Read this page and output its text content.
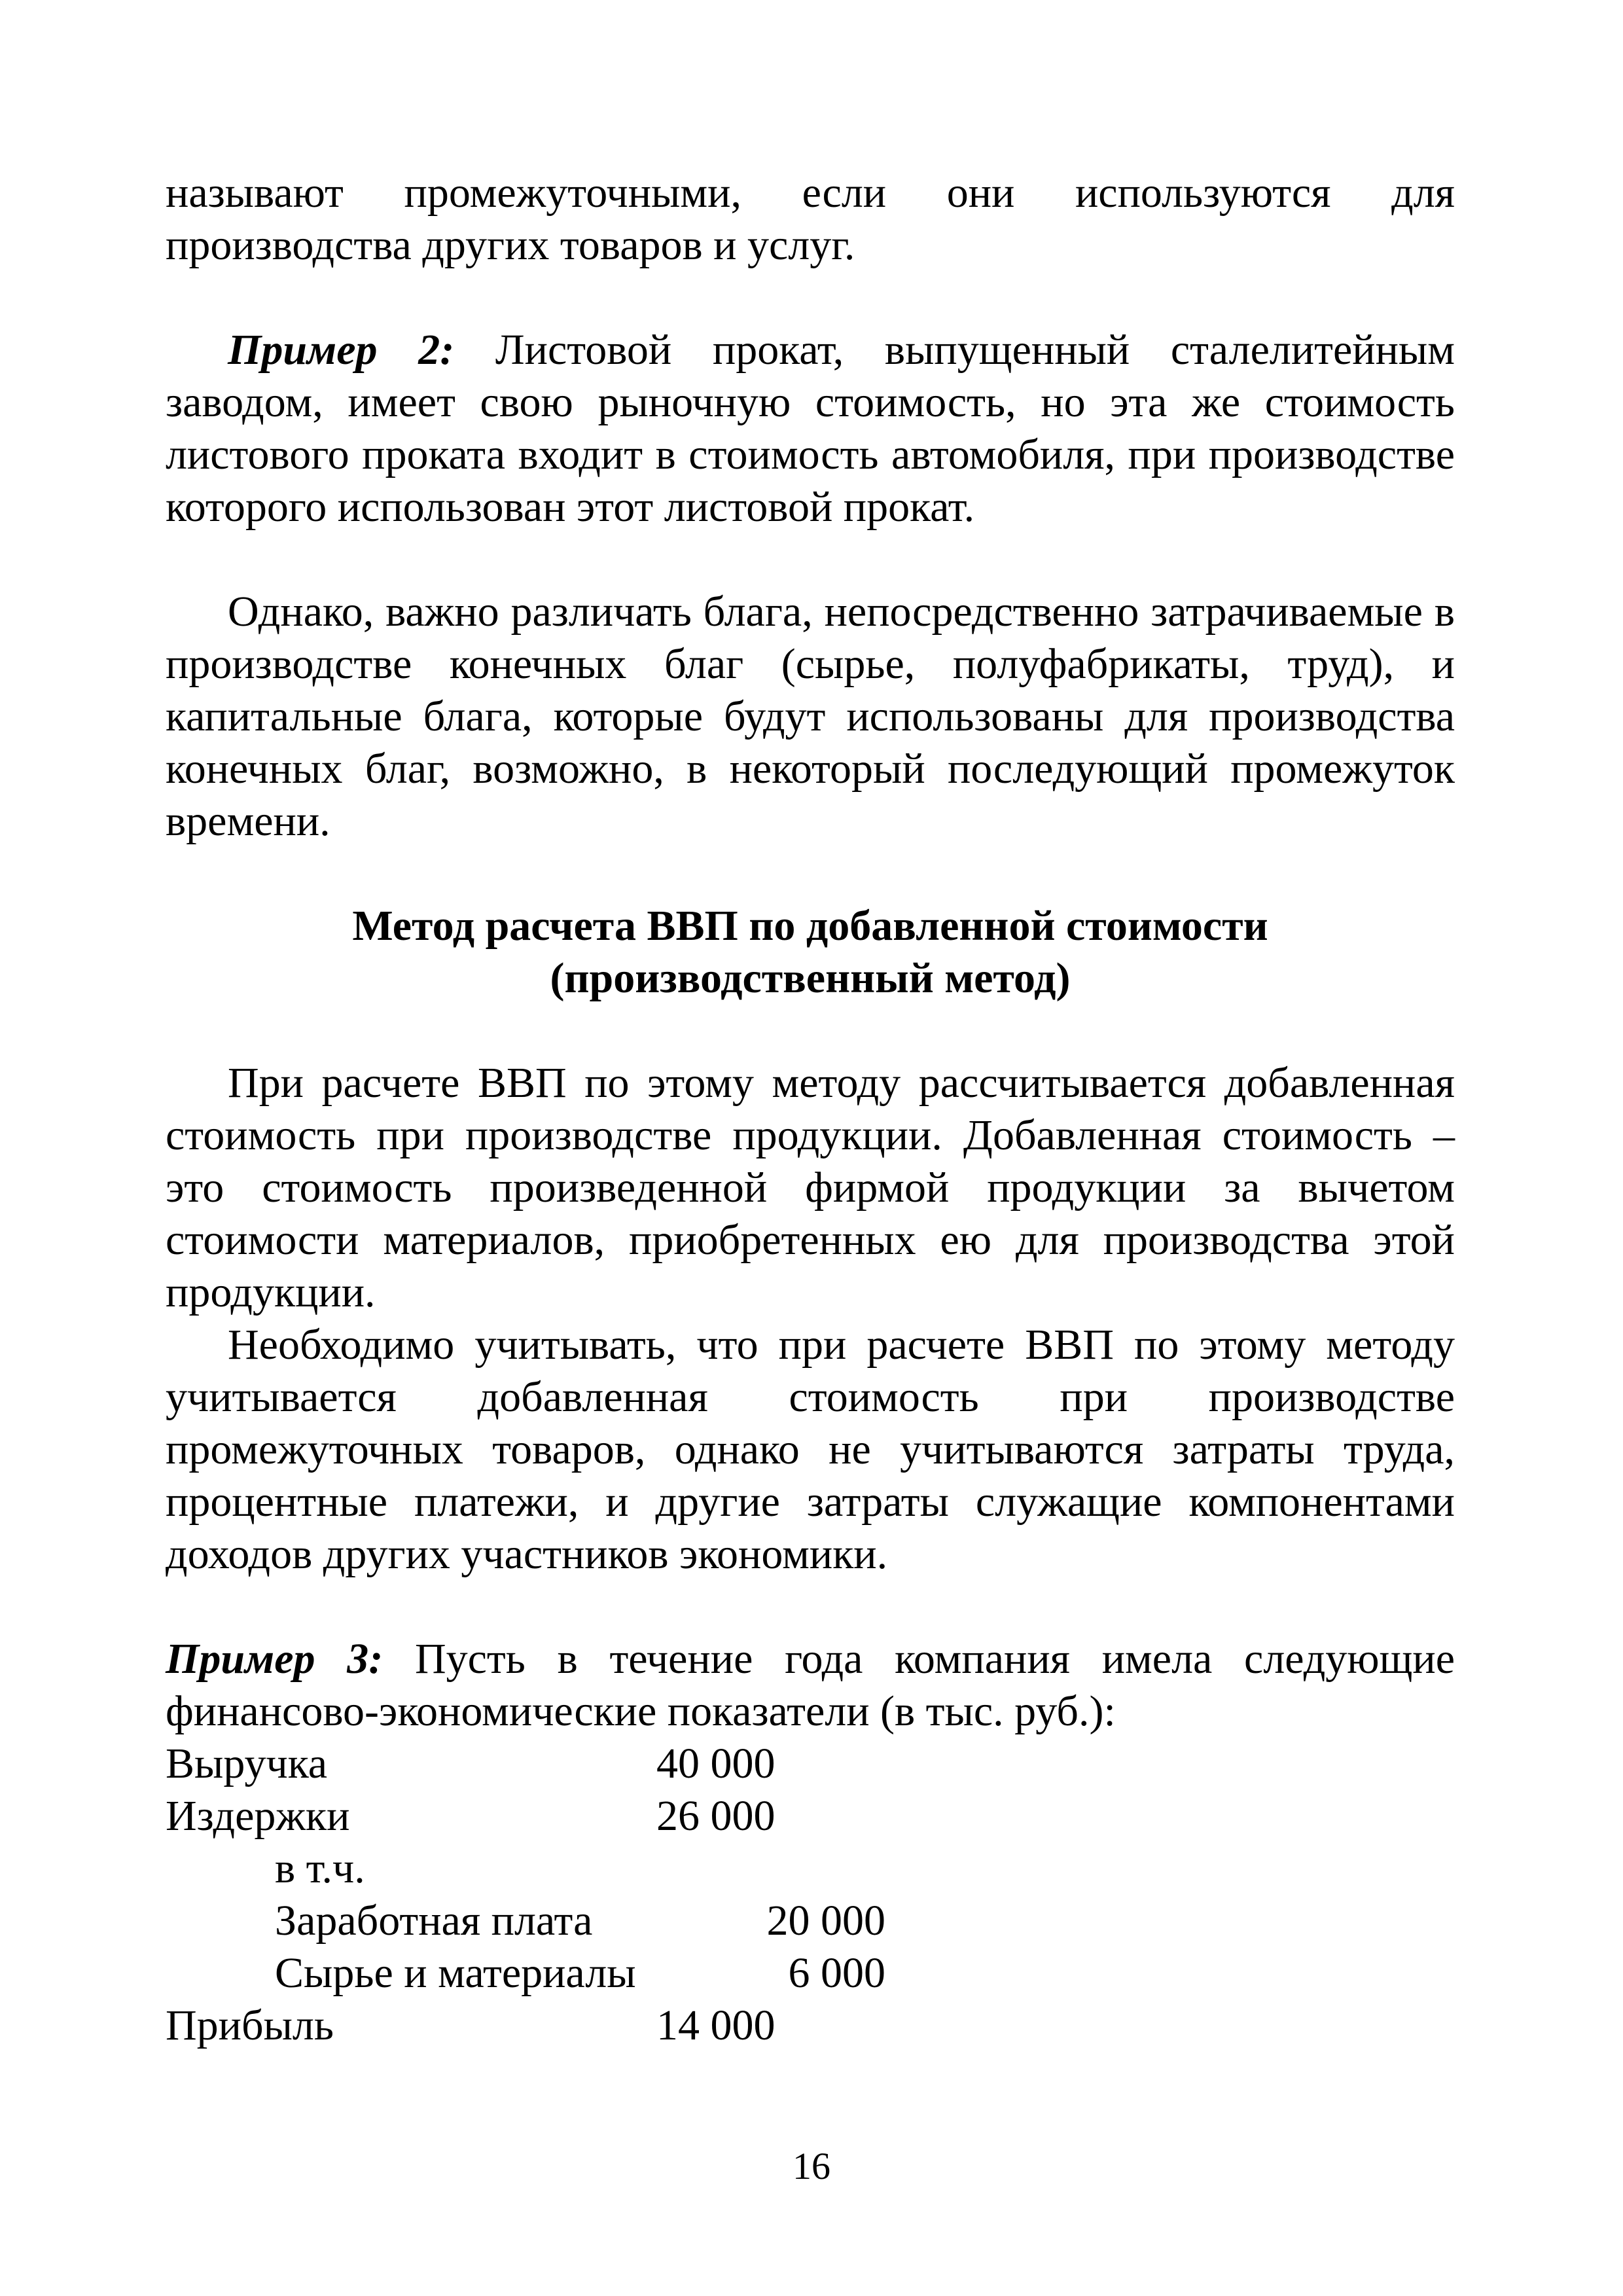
называют промежуточными, если они используются для производства других товаров и услуг.

Пример 2: Листовой прокат, выпущенный сталелитейным заводом, имеет свою рыночную стоимость, но эта же стоимость листового проката входит в стоимость автомобиля, при производстве которого использован этот листовой прокат.

Однако, важно различать блага, непосредственно затрачиваемые в производстве конечных благ (сырье, полуфабрикаты, труд), и капитальные блага, которые будут использованы для производства конечных благ, возможно, в некоторый последующий промежуток времени.

Метод расчета ВВП по добавленной стоимости
(производственный метод)

При расчете ВВП по этому методу рассчитывается добавленная стоимость при производстве продукции. Добавленная стоимость – это стоимость произведенной фирмой продукции за вычетом стоимости материалов, приобретенных ею для производства этой продукции.

Необходимо учитывать, что при расчете ВВП по этому методу учитывается добавленная стоимость при производстве промежуточных товаров, однако не учитываются затраты труда, процентные платежи, и другие затраты служащие компонентами доходов других участников экономики.

Пример 3: Пусть в течение года компания имела следующие финансово-экономические показатели (в тыс. руб.):

Выручка	40 000
Издержки	26 000
в т.ч.
Заработная плата	20 000
Сырье и материалы	6 000
Прибыль	14 000
16
